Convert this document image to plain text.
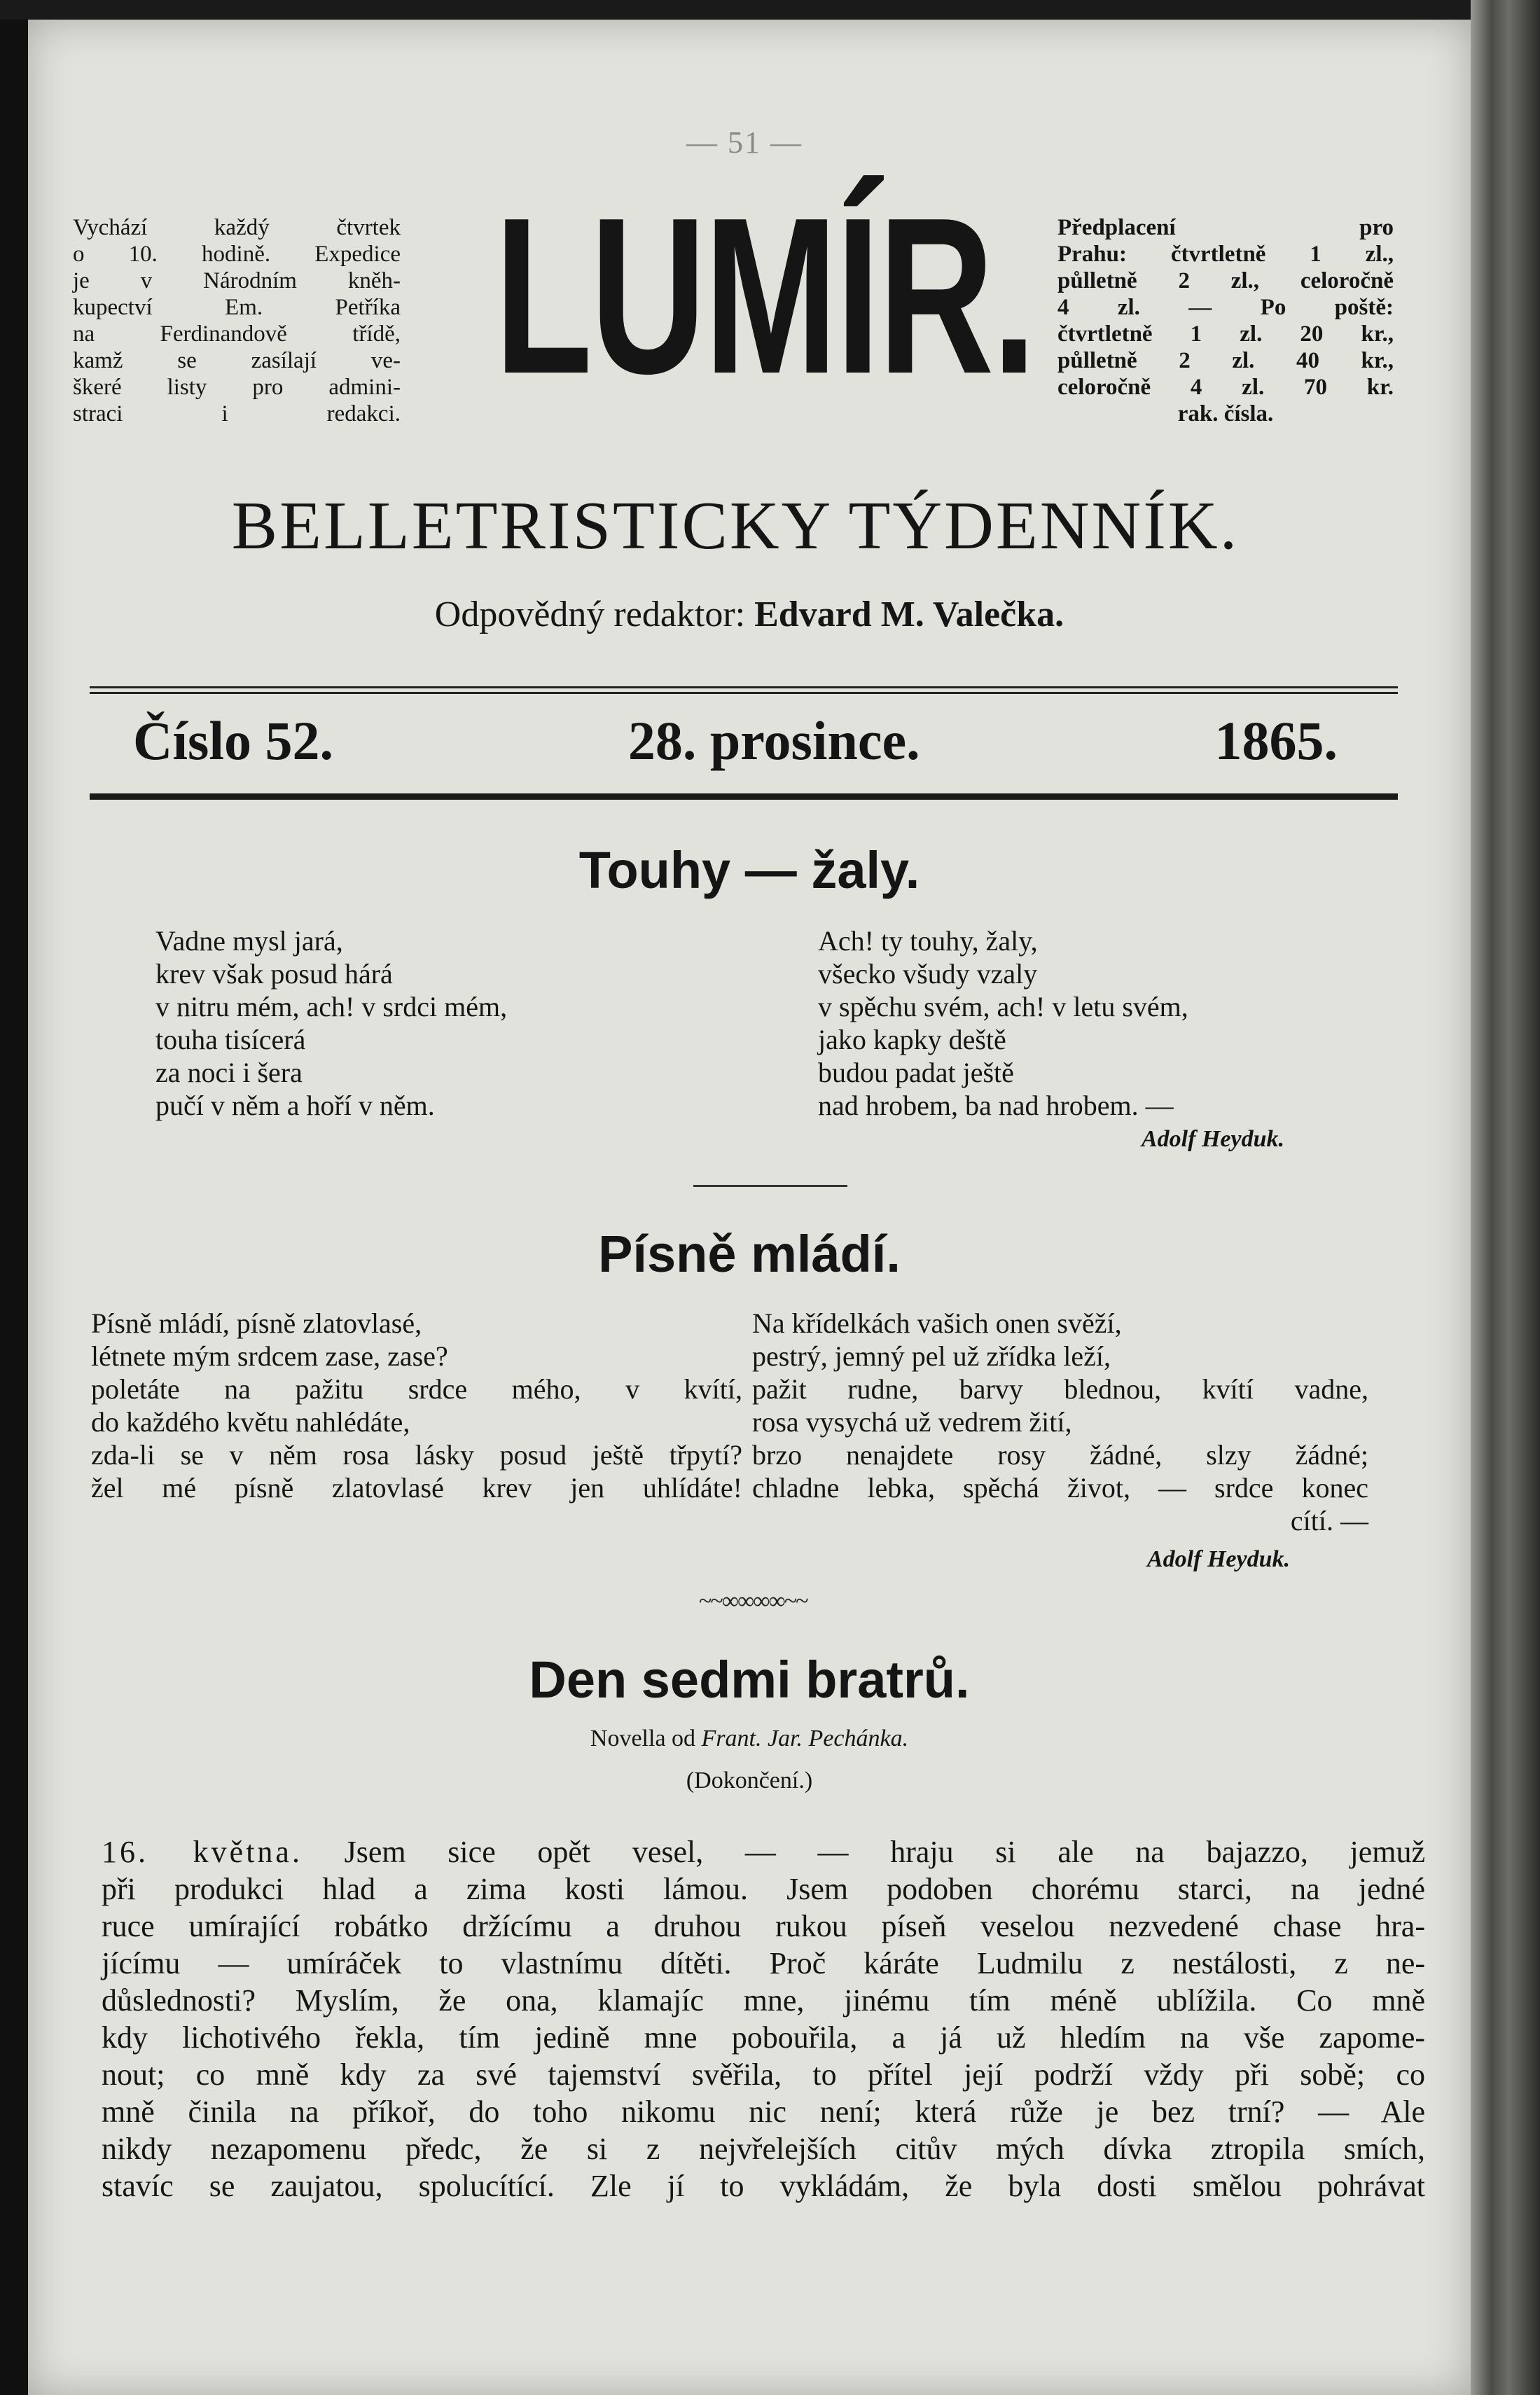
— 51 —
Vychází každý čtvrtek
o 10. hodině. Expedice
je v Národním kněh-
kupectví Em. Petříka
na Ferdinandově třídě,
kamž se zasílají ve-
škeré listy pro admini-
straci i redakci. LUMÍR. Předplacení pro
Prahu: čtvrtletně 1 zl.,
půlletně 2 zl., celoročně
4 zl. — Po poště:
čtvrtletně 1 zl. 20 kr.,
půlletně 2 zl. 40 kr.,
celoročně 4 zl. 70 kr.
rak. čísla.
BELLETRISTICKY TÝDENNÍK.
Odpovědný redaktor: Edvard M. Valečka.
Číslo 52.	28. prosince.	1865.
Touhy — žaly.
Vadne mysl jará,
krev však posud hárá
v nitru mém, ach! v srdci mém,
touha tisícerá
za noci i šera
pučí v něm a hoří v něm.
Ach! ty touhy, žaly,
všecko všudy vzaly
v spěchu svém, ach! v letu svém,
jako kapky deště
budou padat ještě
nad hrobem, ba nad hrobem. —
Adolf Heyduk.
Písně mládí.
Písně mládí, písně zlatovlasé,
létnete mým srdcem zase, zase?
poletáte na pažitu srdce mého, v kvítí,
do každého květu nahlédáte,
zda-li se v něm rosa lásky posud ještě třpytí?
žel mé písně zlatovlasé krev jen uhlídáte!
Na křídelkách vašich onen svěží,
pestrý, jemný pel už zřídka leží,
pažit rudne, barvy blednou, kvítí vadne,
rosa vysychá už vedrem žití,
brzo nenajdete rosy žádné, slzy žádné;
chladne lebka, spěchá život, — srdce konec
cítí. —
Adolf Heyduk.
~~∞∞∞∞~~
Den sedmi bratrů.
Novella od Frant. Jar. Pechánka.
(Dokončení.)
16. května. Jsem sice opět vesel, — — hraju si ale na bajazzo, jemuž
při produkci hlad a zima kosti lámou. Jsem podoben chorému starci, na jedné
ruce umírající robátko držícímu a druhou rukou píseň veselou nezvedené chase hra-
jícímu — umíráček to vlastnímu dítěti. Proč káráte Ludmilu z nestálosti, z ne-
důslednosti? Myslím, že ona, klamajíc mne, jinému tím méně ublížila. Co mně
kdy lichotivého řekla, tím jedině mne pobouřila, a já už hledím na vše zapome-
nout; co mně kdy za své tajemství svěřila, to přítel její podrží vždy při sobě; co
mně činila na příkoř, do toho nikomu nic není; která růže je bez trní? — Ale
nikdy nezapomenu předc, že si z nejvřelejších citův mých dívka ztropila smích,
stavíc se zaujatou, spolucítící. Zle jí to vykládám, že byla dosti smělou pohrávat
